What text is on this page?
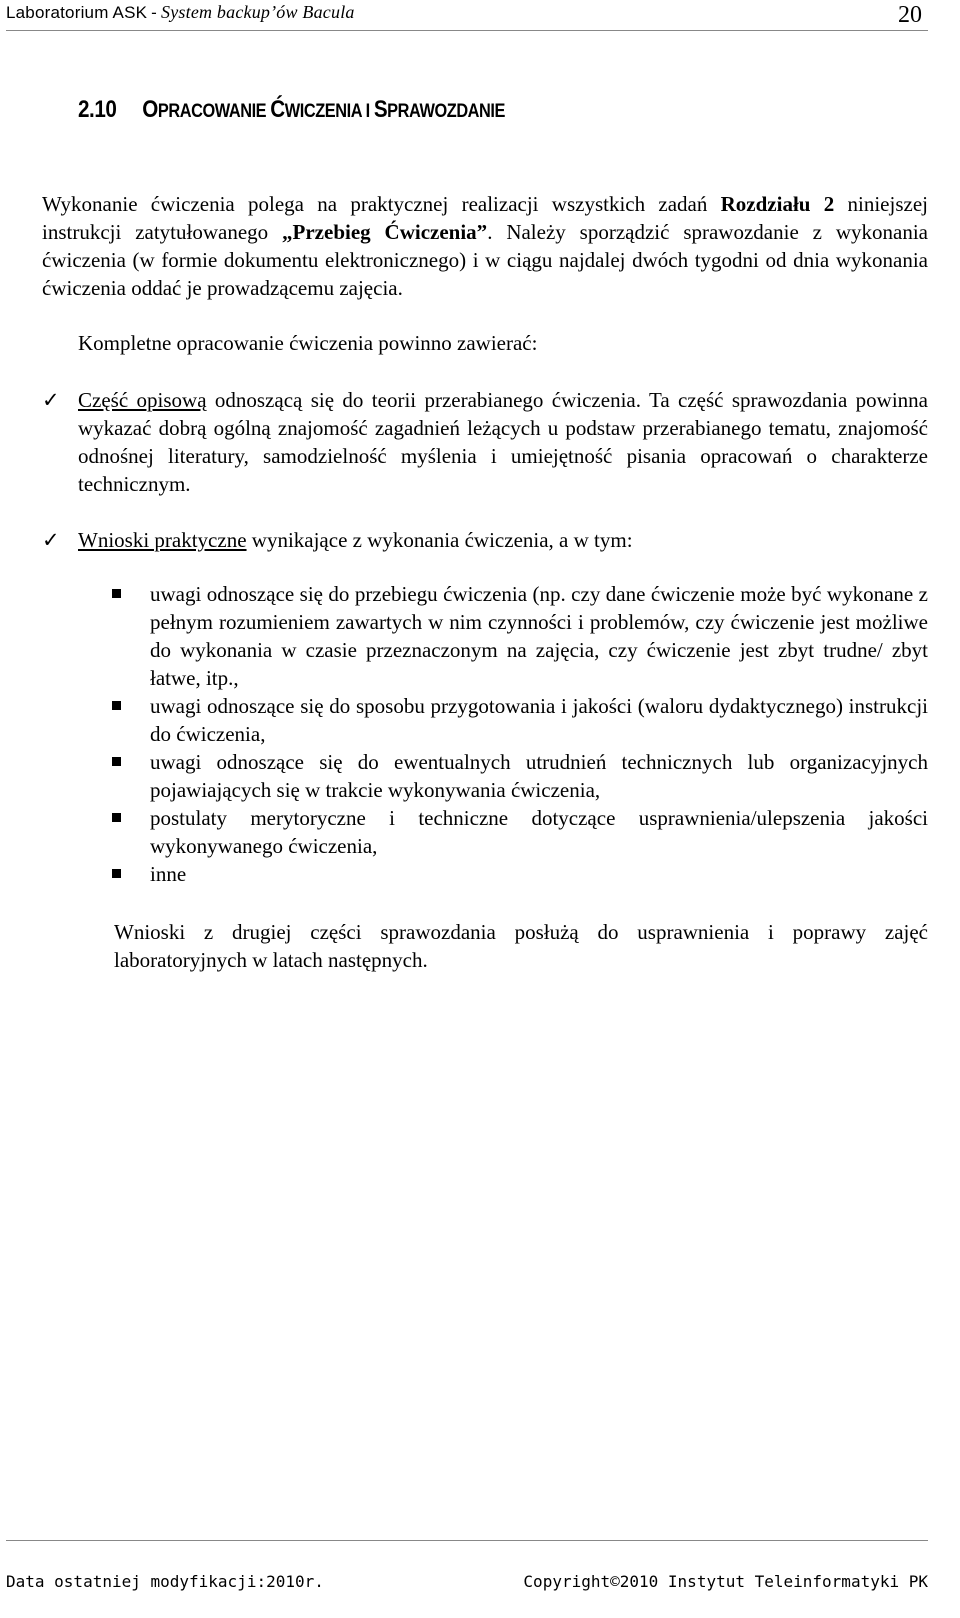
Laboratorium ASK - System backup’ów Bacula	20
2.10 OPRACOWANIE ĆWICZENIA I SPRAWOZDANIE
Wykonanie ćwiczenia polega na praktycznej realizacji wszystkich zadań Rozdziału 2 niniejszej instrukcji zatytułowanego „Przebieg Ćwiczenia”. Należy sporządzić sprawozdanie z wykonania ćwiczenia (w formie dokumentu elektronicznego) i w ciągu najdalej dwóch tygodni od dnia wykonania ćwiczenia oddać je prowadzącemu zajęcia.
Kompletne opracowanie ćwiczenia powinno zawierać:
✓ Część opisową odnoszącą się do teorii przerabianego ćwiczenia. Ta część sprawozdania powinna wykazać dobrą ogólną znajomość zagadnień leżących u podstaw przerabianego tematu, znajomość odnośnej literatury, samodzielność myślenia i umiejętność pisania opracowań o charakterze technicznym.
✓ Wnioski praktyczne wynikające z wykonania ćwiczenia, a w tym:
uwagi odnoszące się do przebiegu ćwiczenia (np. czy dane ćwiczenie może być wykonane z pełnym rozumieniem zawartych w nim czynności i problemów, czy ćwiczenie jest możliwe do wykonania w czasie przeznaczonym na zajęcia, czy ćwiczenie jest zbyt trudne/ zbyt łatwe, itp.,
uwagi odnoszące się do sposobu przygotowania i jakości (waloru dydaktycznego) instrukcji do ćwiczenia,
uwagi odnoszące się do ewentualnych utrudnień technicznych lub organizacyjnych pojawiających się w trakcie wykonywania ćwiczenia,
postulaty merytoryczne i techniczne dotyczące usprawnienia/ulepszenia jakości wykonywanego ćwiczenia,
inne
Wnioski z drugiej części sprawozdania posłużą do usprawnienia i poprawy zajęć laboratoryjnych w latach następnych.
Data ostatniej modyfikacji:2010r.	Copyright©2010 Instytut Teleinformatyki PK
